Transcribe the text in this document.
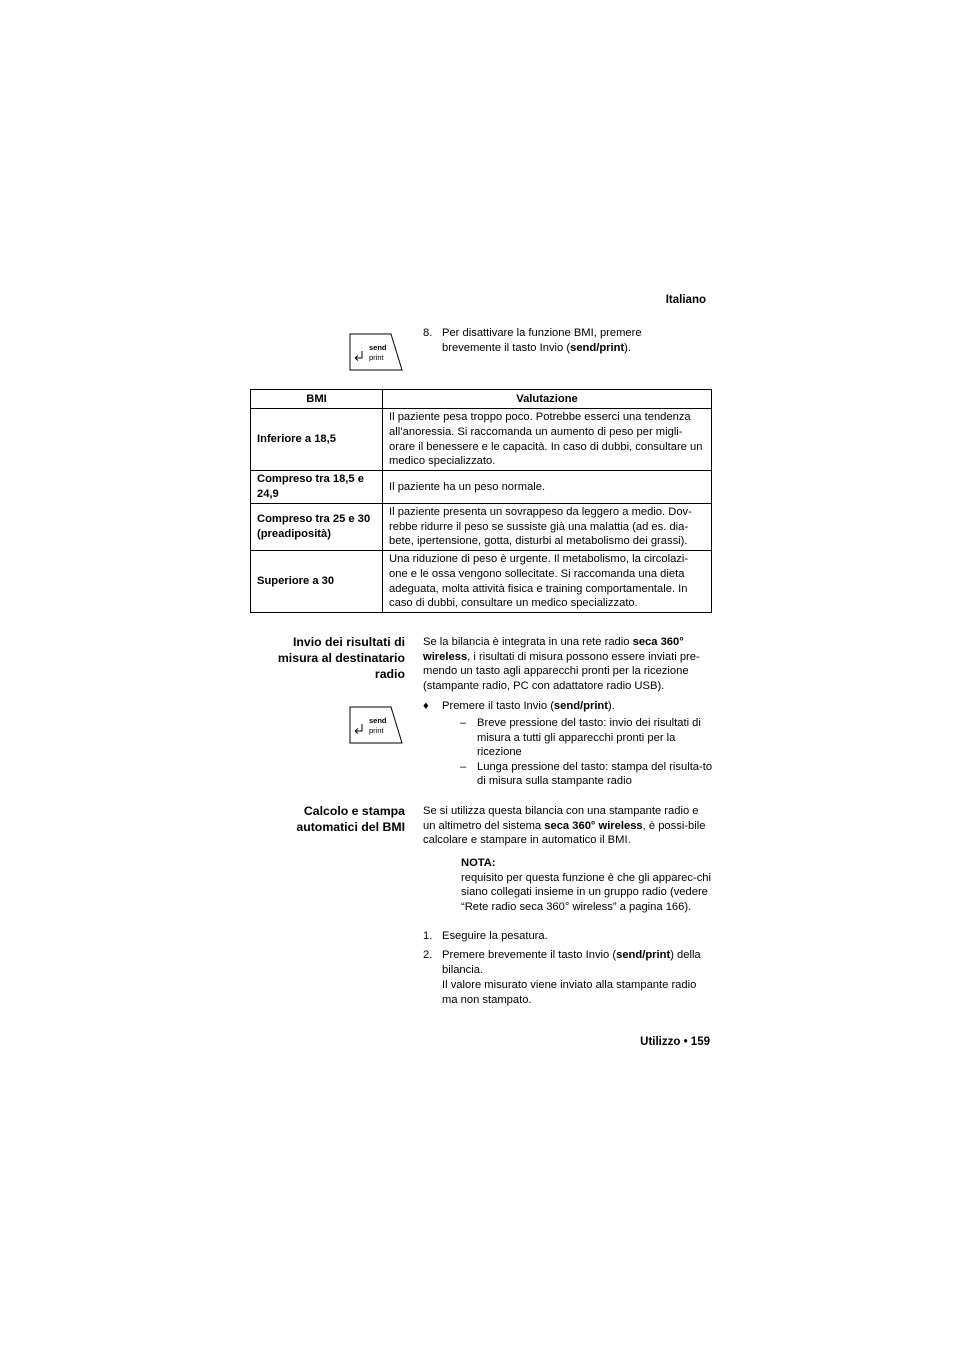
Italiano
send
print
8. Per disattivare la funzione BMI, premere
brevemente il tasto Invio (send/print).
BMI	Valutazione
Inferiore a 18,5	Il paziente pesa troppo poco. Potrebbe esserci una tendenza all’anoressia. Si raccomanda un aumento di peso per migli-orare il benessere e le capacità. In caso di dubbi, consultare un medico specializzato.
Compreso tra 18,5 e 24,9	Il paziente ha un peso normale.
Compreso tra 25 e 30 (preadiposità)	Il paziente presenta un sovrappeso da leggero a medio. Dov-rebbe ridurre il peso se sussiste già una malattia (ad es. dia-bete, ipertensione, gotta, disturbi al metabolismo dei grassi).
Superiore a 30	Una riduzione di peso è urgente. Il metabolismo, la circolazi-one e le ossa vengono sollecitate. Si raccomanda una dieta adeguata, molta attività fisica e training comportamentale. In caso di dubbi, consultare un medico specializzato.
Invio dei risultati di
misura al destinatario
radio
Se la bilancia è integrata in una rete radio seca 360° wireless, i risultati di misura possono essere inviati pre-mendo un tasto agli apparecchi pronti per la ricezione (stampante radio, PC con adattatore radio USB).
send
print
♦ Premere il tasto Invio (send/print).
– Breve pressione del tasto: invio dei risultati di misura a tutti gli apparecchi pronti per la ricezione
– Lunga pressione del tasto: stampa del risulta-to di misura sulla stampante radio
Calcolo e stampa
automatici del BMI
Se si utilizza questa bilancia con una stampante radio e un altimetro del sistema seca 360° wireless, è possi-bile calcolare e stampare in automatico il BMI.
NOTA:
requisito per questa funzione è che gli apparec-chi siano collegati insieme in un gruppo radio (vedere “Rete radio seca 360° wireless” a pagina 166).
1. Eseguire la pesatura.
2. Premere brevemente il tasto Invio (send/print) della bilancia.
Il valore misurato viene inviato alla stampante radio ma non stampato.
Utilizzo • 159
